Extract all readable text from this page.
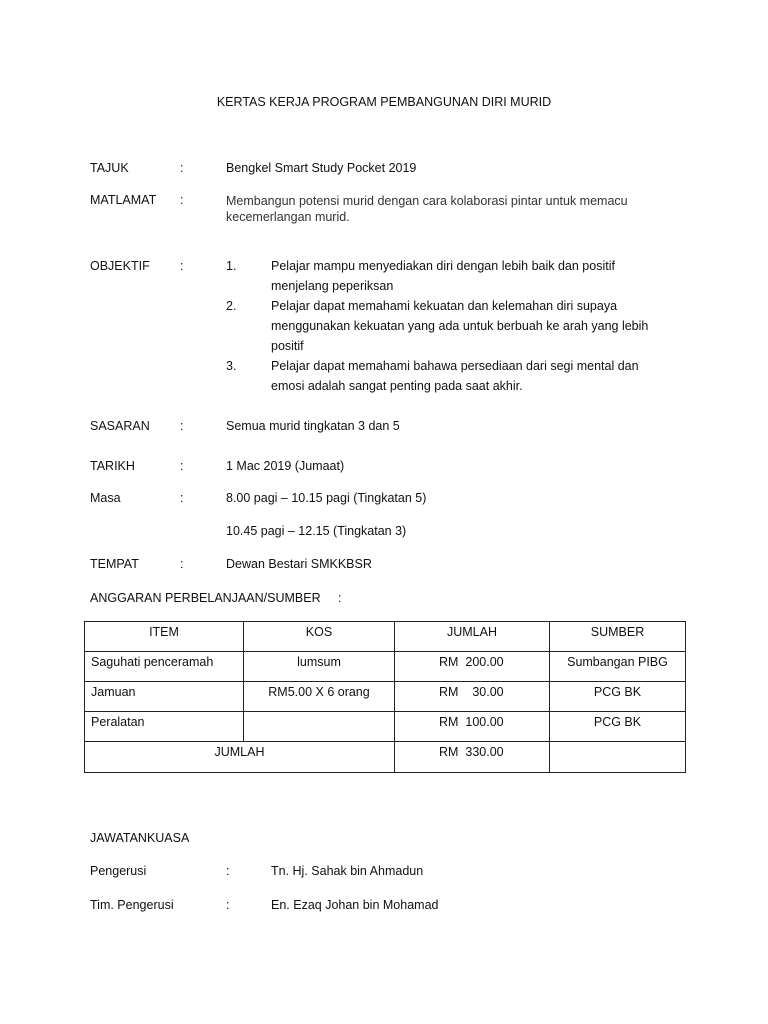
KERTAS KERJA PROGRAM PEMBANGUNAN DIRI MURID
TAJUK	:	Bengkel Smart Study Pocket 2019
MATLAMAT :	Membangun potensi murid dengan cara kolaborasi pintar untuk memacu
kecemerlangan murid.
OBJEKTIF :	1.	Pelajar mampu menyediakan diri dengan lebih baik dan positif
menjelang peperiksan
2.	Pelajar dapat memahami kekuatan dan kelemahan diri supaya
menggunakan kekuatan yang ada untuk berbuah ke arah yang lebih
positif
3.	Pelajar dapat memahami bahawa persediaan dari segi mental dan
emosi adalah sangat penting pada saat akhir.
SASARAN :	Semua murid tingkatan 3 dan 5
TARIKH	:	1 Mac 2019 (Jumaat)
Masa	:	8.00 pagi – 10.15 pagi (Tingkatan 5)
10.45 pagi – 12.15 (Tingkatan 3)
TEMPAT	:	Dewan Bestari SMKKBSR
ANGGARAN PERBELANJAAN/SUMBER     :
ITEM	KOS	JUMLAH	SUMBER
Saguhati penceramah	lumsum	RM  200.00	Sumbangan PIBG
Jamuan	RM5.00 X 6 orang	RM    30.00	PCG BK
Peralatan		RM  100.00	PCG BK
JUMLAH		RM  330.00	
JAWATANKUASA
Pengerusi	:	Tn. Hj. Sahak bin Ahmadun
Tim. Pengerusi	:	En. Ezaq Johan bin Mohamad
